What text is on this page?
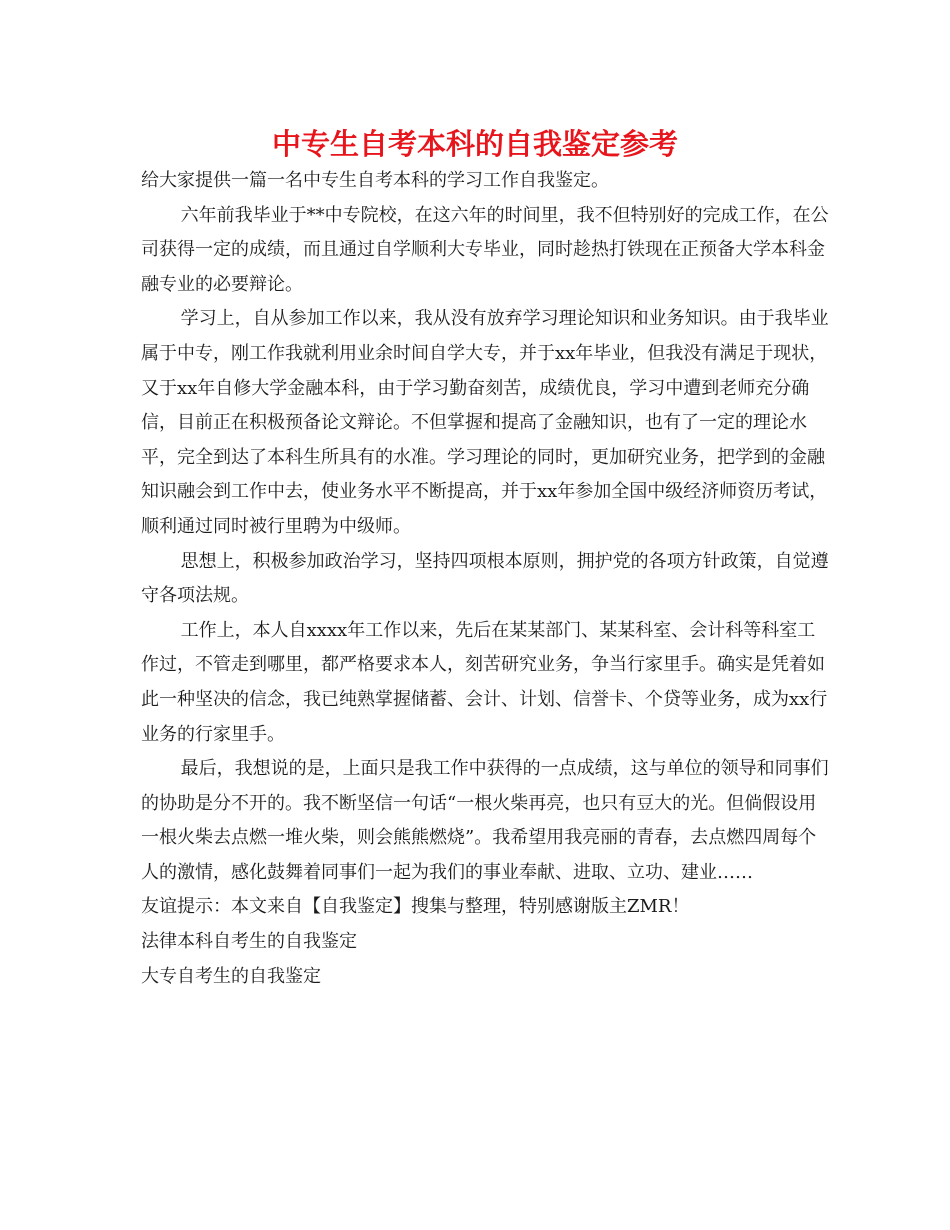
中专生自考本科的自我鉴定参考

给大家提供一篇一名中专生自考本科的学习工作自我鉴定。

六年前我毕业于**中专院校，在这六年的时间里，我不但特别好的完成工作，在公司获得一定的成绩，而且通过自学顺利大专毕业，同时趁热打铁现在正预备大学本科金融专业的必要辩论。

学习上，自从参加工作以来，我从没有放弃学习理论知识和业务知识。由于我毕业属于中专，刚工作我就利用业余时间自学大专，并于xx年毕业，但我没有满足于现状，又于xx年自修大学金融本科，由于学习勤奋刻苦，成绩优良，学习中遭到老师充分确信，目前正在积极预备论文辩论。不但掌握和提高了金融知识，也有了一定的理论水平，完全到达了本科生所具有的水准。学习理论的同时，更加研究业务，把学到的金融知识融会到工作中去，使业务水平不断提高，并于xx年参加全国中级经济师资历考试，顺利通过同时被行里聘为中级师。

思想上，积极参加政治学习，坚持四项根本原则，拥护党的各项方针政策，自觉遵守各项法规。

工作上，本人自xxxx年工作以来，先后在某某部门、某某科室、会计科等科室工作过，不管走到哪里，都严格要求本人，刻苦研究业务，争当行家里手。确实是凭着如此一种坚决的信念，我已纯熟掌握储蓄、会计、计划、信誉卡、个贷等业务，成为xx行业务的行家里手。

最后，我想说的是，上面只是我工作中获得的一点成绩，这与单位的领导和同事们的协助是分不开的。我不断坚信一句话“一根火柴再亮，也只有豆大的光。但倘假设用一根火柴去点燃一堆火柴，则会熊熊燃烧”。我希望用我亮丽的青春，去点燃四周每个人的激情，感化鼓舞着同事们一起为我们的事业奉献、进取、立功、建业……

友谊提示：本文来自【自我鉴定】搜集与整理，特别感谢版主ZMR！

法律本科自考生的自我鉴定

大专自考生的自我鉴定
